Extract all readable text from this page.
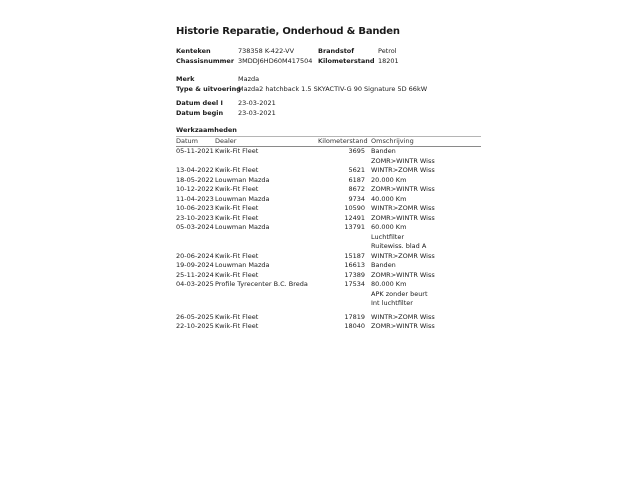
Historie Reparatie, Onderhoud & Banden
Kenteken	738358 K-422-VV	Brandstof	Petrol
Chassisnummer 3MDDJ6HD60M417504 Kilometerstand 18201
Merk	Mazda
Type & uitvoering
Mazda2 hatchback 1.5 SKYACTIV-G 90 Signature 5D 66kW
Datum deel I	23-03-2021
Datum begin	23-03-2021
Werkzaamheden
Datum	Dealer	Kilometerstand Omschrijving
05-11-2021 Kwik-Fit Fleet	3695 Banden
ZOMR>WINTR Wiss
13-04-2022 Kwik-Fit Fleet	5621 WINTR>ZOMR Wiss
18-05-2022 Louwman Mazda	6187 20.000 Km
10-12-2022 Kwik-Fit Fleet	8672 ZOMR>WINTR Wiss
11-04-2023 Louwman Mazda	9734 40.000 Km
10-06-2023 Kwik-Fit Fleet	10590 WINTR>ZOMR Wiss
23-10-2023 Kwik-Fit Fleet	12491 ZOMR>WINTR Wiss
05-03-2024 Louwman Mazda	13791 60.000 Km
Luchtfilter
Ruitewiss. blad A
20-06-2024 Kwik-Fit Fleet	15187 WINTR>ZOMR Wiss
19-09-2024 Louwman Mazda	16613 Banden
25-11-2024 Kwik-Fit Fleet	17389 ZOMR>WINTR Wiss
04-03-2025 Profile Tyrecenter B.C. Breda	17534 80.000 Km
APK zonder beurt
Int luchtfilter
26-05-2025 Kwik-Fit Fleet	17819 WINTR>ZOMR Wiss
22-10-2025 Kwik-Fit Fleet	18040 ZOMR>WINTR Wiss
